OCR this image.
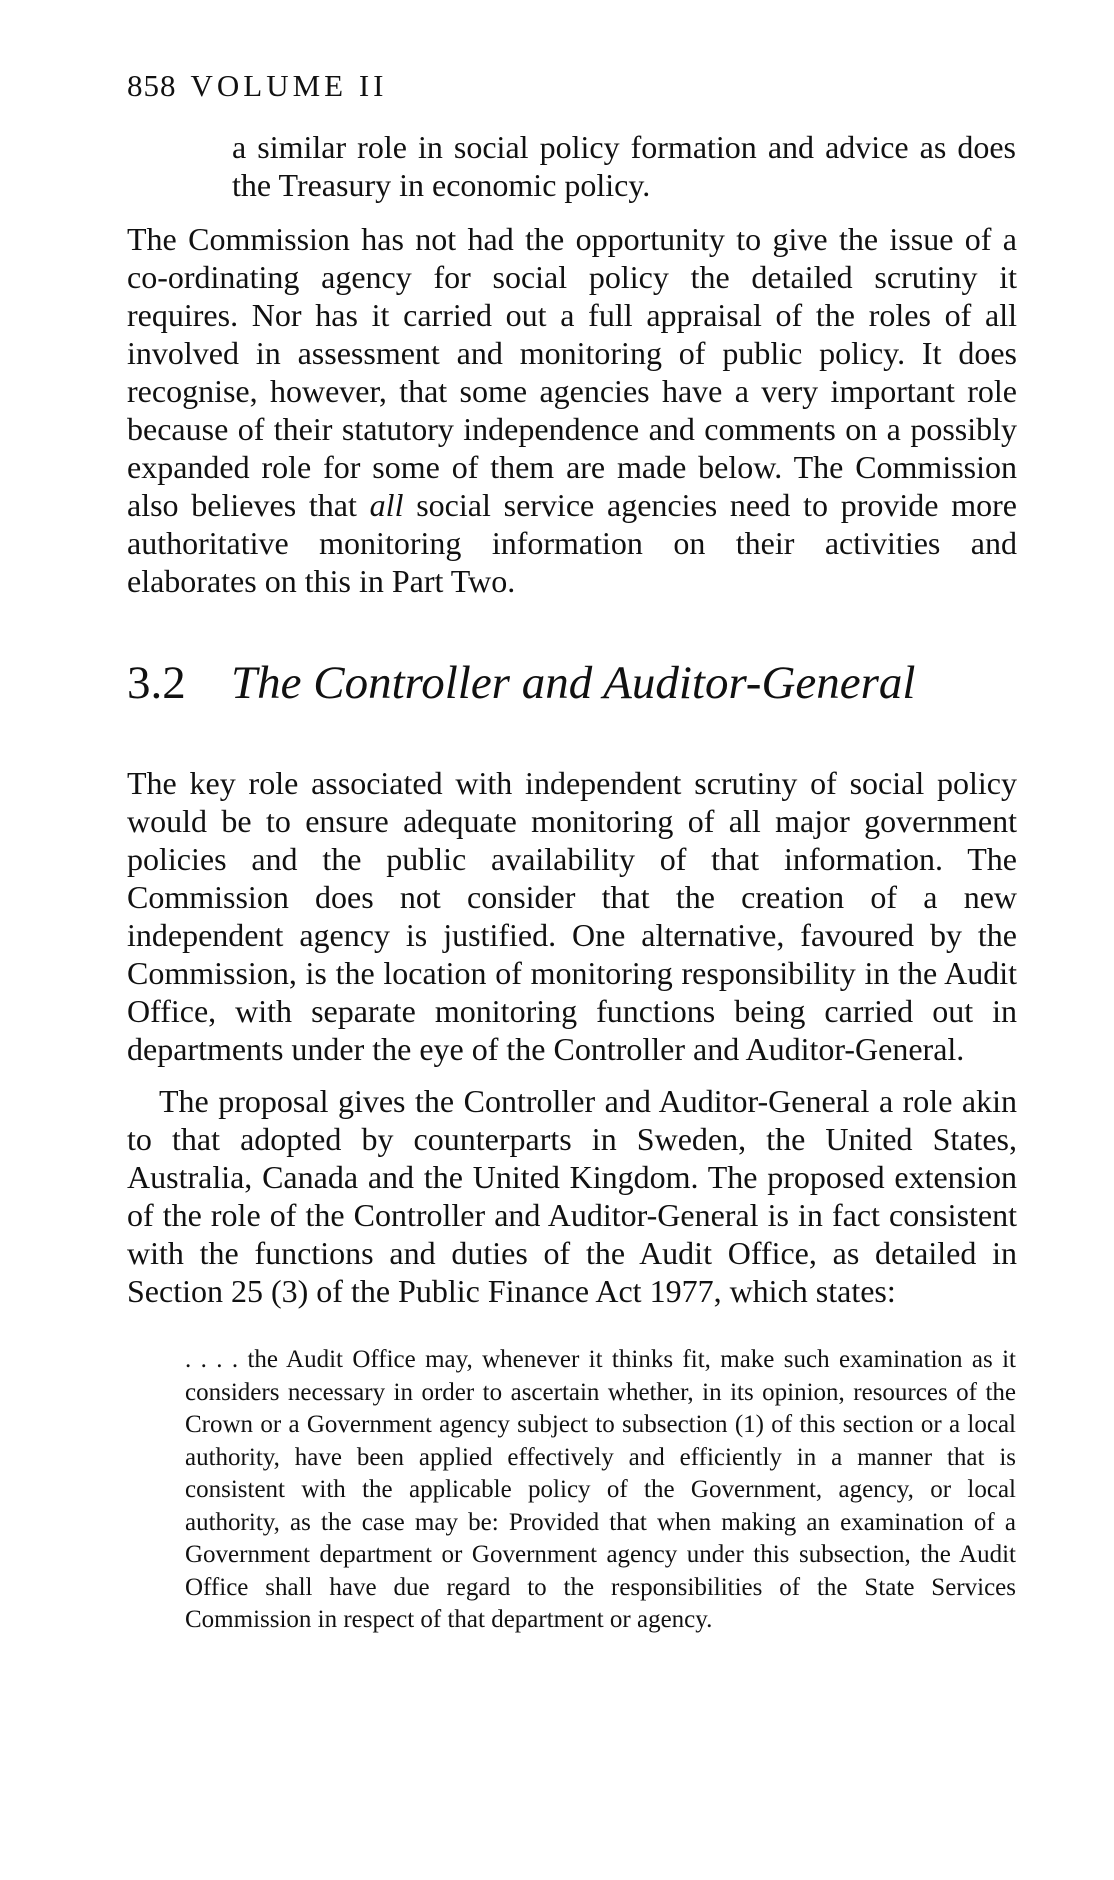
858 VOLUME II
a similar role in social policy formation and advice as does the Treasury in economic policy.
The Commission has not had the opportunity to give the issue of a co-ordinating agency for social policy the detailed scrutiny it requires. Nor has it carried out a full appraisal of the roles of all involved in assessment and monitoring of public policy. It does recognise, however, that some agencies have a very important role because of their statutory independence and comments on a possibly expanded role for some of them are made below. The Commission also believes that all social service agencies need to provide more authoritative monitoring information on their activities and elaborates on this in Part Two.
3.2 The Controller and Auditor-General
The key role associated with independent scrutiny of social policy would be to ensure adequate monitoring of all major government policies and the public availability of that information. The Commission does not consider that the creation of a new independent agency is justified. One alternative, favoured by the Commission, is the location of monitoring responsibility in the Audit Office, with separate monitoring functions being carried out in departments under the eye of the Controller and Auditor-General.
The proposal gives the Controller and Auditor-General a role akin to that adopted by counterparts in Sweden, the United States, Australia, Canada and the United Kingdom. The proposed extension of the role of the Controller and Auditor-General is in fact consistent with the functions and duties of the Audit Office, as detailed in Section 25 (3) of the Public Finance Act 1977, which states:
. . . . the Audit Office may, whenever it thinks fit, make such examination as it considers necessary in order to ascertain whether, in its opinion, resources of the Crown or a Government agency subject to subsection (1) of this section or a local authority, have been applied effectively and efficiently in a manner that is consistent with the applicable policy of the Government, agency, or local authority, as the case may be: Provided that when making an examination of a Government department or Government agency under this subsection, the Audit Office shall have due regard to the responsibilities of the State Services Commission in respect of that department or agency.
